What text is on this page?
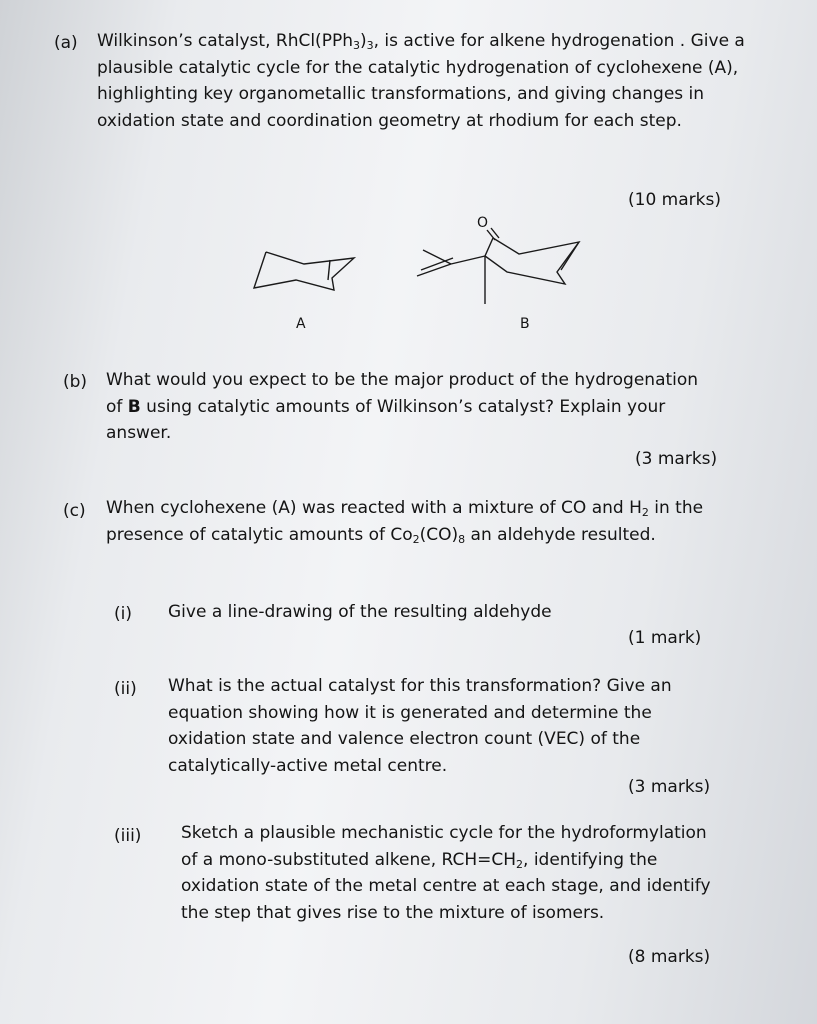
(a) Wilkinson’s catalyst, $RhCl(PPh_3)_3$, is active for alkene hydrogenation . Give a plausible catalytic cycle for the catalytic hydrogenation of cyclohexene (A), highlighting key organometallic transformations, and giving changes in oxidation state and coordination geometry at rhodium for each step.

(10 marks)
A
O
B
(b) What would you expect to be the major product of the hydrogenation of B using catalytic amounts of Wilkinson’s catalyst? Explain your answer.

(3 marks)
(c) When cyclohexene (A) was reacted with a mixture of CO and $H_2$ in the presence of catalytic amounts of $Co_2(CO)_8$ an aldehyde resulted.

(i) Give a line-drawing of the resulting aldehyde

(1 mark)
(ii) What is the actual catalyst for this transformation? Give an equation showing how it is generated and determine the oxidation state and valence electron count (VEC) of the catalytically-active metal centre.

(3 marks)
(iii) Sketch a plausible mechanistic cycle for the hydroformylation of a mono-substituted alkene, $RCH=CH_2$, identifying the oxidation state of the metal centre at each stage, and identify the step that gives rise to the mixture of isomers.

(8 marks)
